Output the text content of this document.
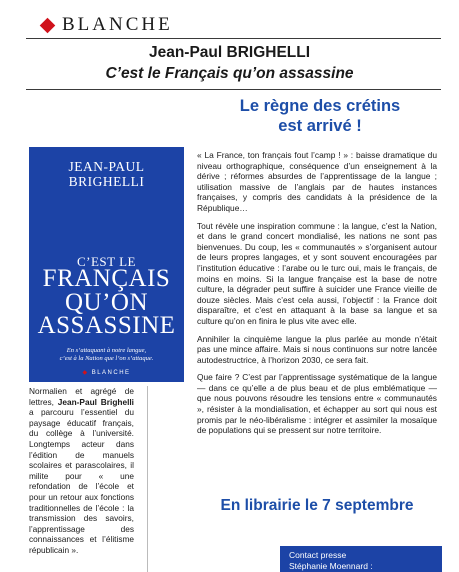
BLANCHE
Jean-Paul BRIGHELLI
C’est le Français qu’on assassine
Le règne des crétins
est arrivé !
JEAN-PAUL
BRIGHELLI
C’EST LE
FRANÇAIS
QU’ON
ASSASSINE
En s’attaquant à notre langue,
c’est à la Nation que l’on s’attaque.
◆ BLANCHE
Normalien et agrégé de lettres, Jean-Paul Brighelli a parcouru l’essentiel du paysage éducatif français, du collège à l’université. Longtemps acteur dans l’édition de manuels scolaires et parascolaires, il milite pour « une refondation de l’école et pour un retour aux fonctions traditionnelles de l’école : la transmission des savoirs, l’apprentissage des connaissances et l’élitisme républicain ».

« La France, ton français fout l’camp ! » : baisse dramatique du niveau orthographique, conséquence d’un enseignement à la dérive ; réformes absurdes de l’apprentissage de la langue ; utilisation massive de l’anglais par de hautes instances françaises, y compris des candidats à la présidence de la République…

Tout révèle une inspiration commune : la langue, c’est la Nation, et dans le grand concert mondialisé, les nations ne sont pas bienvenues. Du coup, les « communautés » s’organisent autour de leurs propres langages, et y sont souvent encouragées par l’institution éducative : l’arabe ou le turc oui, mais le français, de moins en moins. Si la langue française est la base de notre culture, la dégrader peut suffire à suicider une France vieille de douze siècles. Mais c’est cela aussi, l’objectif : la France doit disparaître, et c’est en attaquant à la base sa langue et sa culture qu’on en finira le plus vite avec elle.

Annihiler la cinquième langue la plus parlée au monde n’était pas une mince affaire. Mais si nous continuons sur notre lancée autodestructrice, à l’horizon 2030, ce sera fait.

Que faire ? C’est par l’apprentissage systématique de la langue — dans ce qu’elle a de plus beau et de plus emblématique — que nous pouvons résoudre les tensions entre « communautés », résister à la mondialisation, et échapper au sort qui nous est promis par le néo-libéralisme : intégrer et assimiler la mosaïque de populations qui se pressent sur notre territoire.

En librairie le 7 septembre
Contact presse
Stéphanie Moennard :
